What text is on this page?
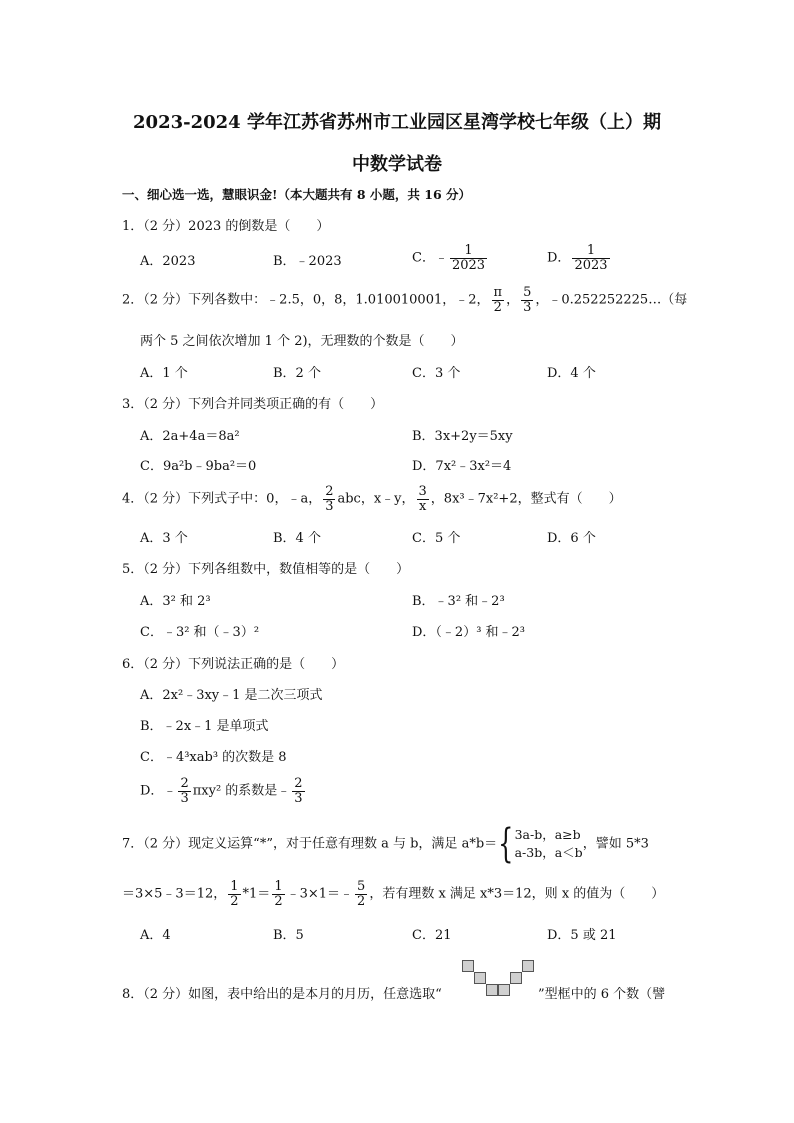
2023-2024 学年江苏省苏州市工业园区星湾学校七年级（上）期
中数学试卷
一、细心选一选，慧眼识金!（本大题共有 8 小题，共 16 分）
1．（2 分）2023 的倒数是（　　）
A．2023	B．﹣2023	C．﹣ $\frac{1}{2023}$	D． $\frac{1}{2023}$
2．（2 分）下列各数中：﹣2.5，0，8，1.010010001，﹣2， $\frac{\pi}{2}$ ， $\frac{5}{3}$ ，﹣0.252252225…（每
两个 5 之间依次增加 1 个 2)，无理数的个数是（　　）
A．1 个	B．2 个	C．3 个	D．4 个
3．（2 分）下列合并同类项正确的有（　　）
A．2a+4a＝8a²	B．3x+2y＝5xy
C．9a²b﹣9ba²＝0	D．7x²﹣3x²＝4
4．（2 分）下列式子中：0，﹣a， $\frac{2}{3}$ abc，x﹣y， $\frac{3}{x}$ ，8x³﹣7x²+2，整式有（　　）
A．3 个	B．4 个	C．5 个	D．6 个
5．（2 分）下列各组数中，数值相等的是（　　）
A．3² 和 2³	B．﹣3² 和﹣2³
C．﹣3² 和（﹣3）²	D．（﹣2）³ 和﹣2³
6．（2 分）下列说法正确的是（　　）
A．2x²﹣3xy﹣1 是二次三项式
B．﹣2x﹣1 是单项式
C．﹣4³xab³ 的次数是 8
D．﹣ $\frac{2}{3} \pi xy^2$ 的系数是﹣ $\frac{2}{3}$
7．（2 分）现定义运算“*”，对于任意有理数 a 与 b，满足 a*b＝{ 3a-b，a≥b
a-3b，a＜b
，譬如 5*3
＝3×5﹣3＝12， $\frac{1}{2} *1= \frac{1}{2}$ ﹣3×1＝﹣ $\frac{5}{2}$ ，若有理数 x 满足 x*3＝12，则 x 的值为（　　）
A．4	B．5	C．21	D．5 或 21
8．（2 分）如图，表中给出的是本月的月历，任意选取“	”型框中的 6 个数（譬
